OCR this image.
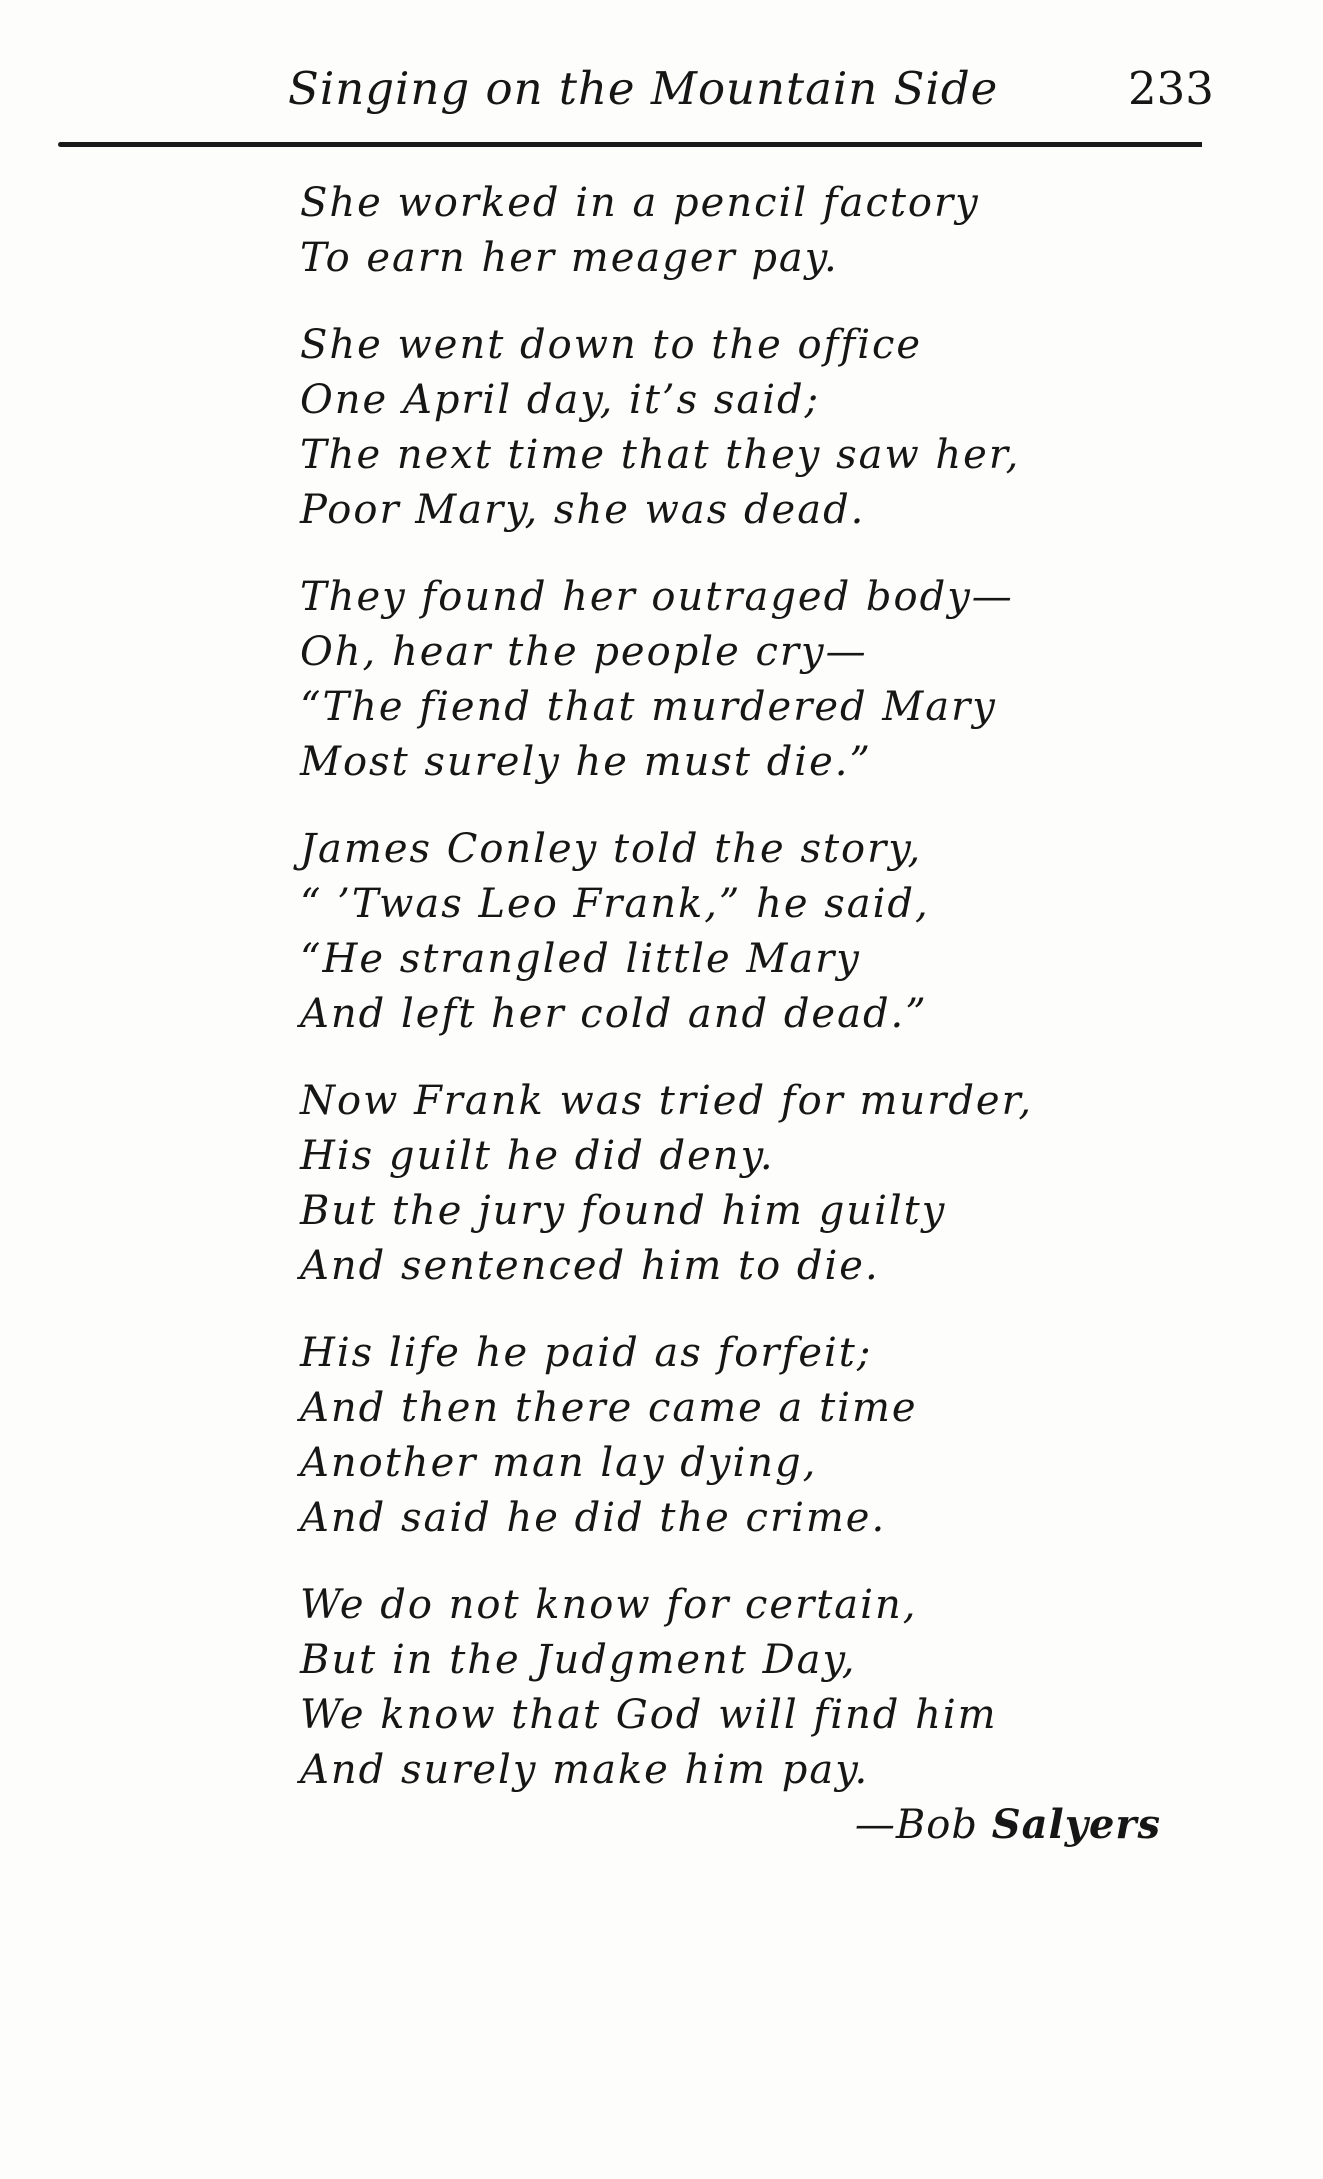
Singing on the Mountain Side	233
She worked in a pencil factory
To earn her meager pay.
She went down to the office
One April day, it’s said;
The next time that they saw her,
Poor Mary, she was dead.
They found her outraged body—
Oh, hear the people cry—
“The fiend that murdered Mary
Most surely he must die.”
James Conley told the story,
“ ’Twas Leo Frank,” he said,
“He strangled little Mary
And left her cold and dead.”
Now Frank was tried for murder,
His guilt he did deny.
But the jury found him guilty
And sentenced him to die.
His life he paid as forfeit;
And then there came a time
Another man lay dying,
And said he did the crime.
We do not know for certain,
But in the Judgment Day,
We know that God will find him
And surely make him pay.
—Bob Salyers
